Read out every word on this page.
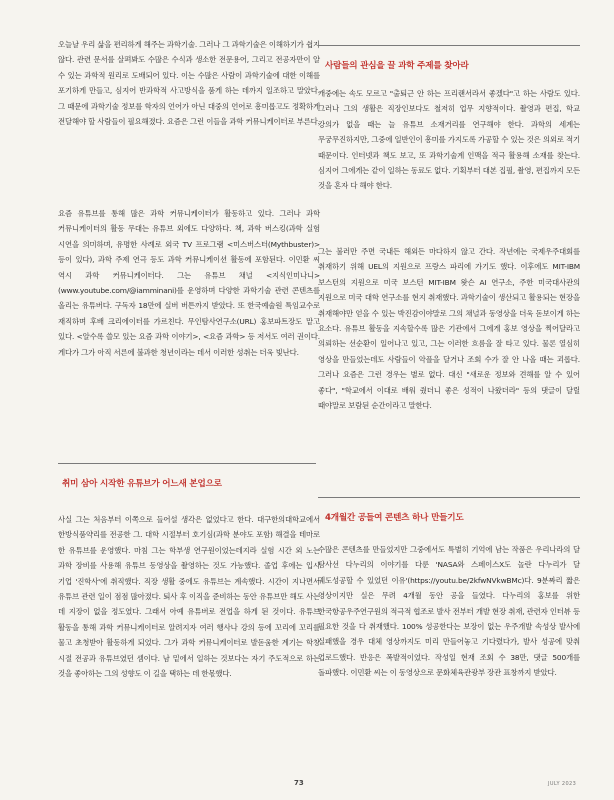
오늘날 우리 삶을 편리하게 해주는 과학기술. 그러나 그 과학기술은 이해하기가 쉽지 않다. 관련 문서를 살펴봐도 수많은 수식과 생소한 전문용어, 그리고 전공자만이 알 수 있는 과학적 원리로 도배되어 있다. 이는 수많은 사람이 과학기술에 대한 이해를 포기하게 만들고, 심지어 반과학적 사고방식을 품게 하는 데까지 일조하고 말았다. 그 때문에 과학기술 정보를 학자의 언어가 아닌 대중의 언어로 흥미롭고도 정확하게 전달해야 할 사람들이 필요해졌다. 요즘은 그런 이들을 과학 커뮤니케이터로 부른다.

요즘 유튜브를 통해 많은 과학 커뮤니케이터가 활동하고 있다. 그러나 과학 커뮤니케이터의 활동 무대는 유튜브 외에도 다양하다. 책, 과학 버스킹(과학 실험 시연을 의미하며, 유명한 사례로 외국 TV 프로그램 <미스버스터(Mythbuster)> 등이 있다), 과학 주제 연극 등도 과학 커뮤니케이션 활동에 포함된다. 이민환 씨 역시 과학 커뮤니케이터다. 그는 유튜브 채널 <지식인미나니>(www.youtube.com/@iamminani)를 운영하며 다양한 과학기술 관련 콘텐츠를 올리는 유튜버다. 구독자 18만에 실버 버튼까지 받았다. 또 한국예술원 특임교수로 재직하며 후배 크리에이터를 가르친다. 무인탐사연구소(URL) 홍보파트장도 맡고 있다. <알수록 쓸모 있는 요즘 과학 이야기>, <요즘 과학> 등 저서도 여러 권이다. 게다가 그가 아직 서른에 불과한 청년이라는 데서 이러한 성취는 더욱 빛난다.

취미 삼아 시작한 유튜브가 어느새 본업으로

사실 그는 처음부터 이쪽으로 들어설 생각은 없었다고 한다. 대구한의대학교에서 한방식품약리를 전공한 그. 대학 시절부터 호기심(과학 분야도 포함) 해결을 테마로 한 유튜브를 운영했다. 마침 그는 학부생 연구원이었는데지라 실험 시간 외 노는 과학 장비를 사용해 유튜브 동영상을 촬영하는 것도 가능했다. 졸업 후에는 입시 기업 '진학사'에 취직했다. 직장 생활 중에도 유튜브는 계속했다. 시간이 지나면서 유튜브 관련 일이 점점 많아졌다. 퇴사 후 이직을 준비하는 동안 유튜브만 해도 사는 데 지장이 없을 정도였다. 그래서 아예 유튜버로 전업을 하게 된 것이다. 유튜브 활동을 통해 과학 커뮤니케이터로 알려지자 여러 행사나 강의 등에 꼬리에 꼬리를 물고 초청받아 활동하게 되었다. 그가 과학 커뮤니케이터로 발돋움한 계기는 학창 시절 전공과 유튜브였던 셈이다. 남 밑에서 일하는 것보다는 자기 주도적으로 하는 것을 좋아하는 그의 성향도 이 길을 택하는 데 한몫했다.

사람들의 관심을 끌 과학 주제를 찾아라

개중에는 속도 모르고 "출퇴근 안 하는 프리랜서라서 좋겠다"고 하는 사람도 있다. 그러나 그의 생활은 직장인보다도 철저히 업무 지향적이다. 촬영과 편집, 학교 강의가 없을 때는 늘 유튜브 소재거리를 연구해야 한다. 과학의 세계는 무궁무진하지만, 그중에 일반인이 흥미를 가지도록 가공할 수 있는 것은 의외로 적기 때문이다. 인터넷과 책도 보고, 또 과학기술계 인맥을 적극 활용해 소재를 찾는다. 심지어 그에게는 같이 일하는 동료도 없다. 기획부터 대본 집필, 촬영, 편집까지 모든 것을 혼자 다 해야 한다.

그는 불러만 주면 국내든 해외든 마다하지 않고 간다. 작년에는 국제우주대회를 취재하기 위해 UEL의 지원으로 프랑스 파리에 가기도 했다. 이후에도 MIT-IBM 보스턴의 지원으로 미국 보스턴 MIT-IBM 왓슨 AI 연구소, 주한 미국대사관의 지원으로 미국 대학 연구소를 현지 취재했다. 과학기술이 생산되고 활용되는 현장을 취재해야만 얻을 수 있는 박진감이야말로 그의 채널과 동영상을 더욱 돋보이게 하는 요소다. 유튜브 활동을 지속할수록 많은 기관에서 그에게 홍보 영상을 찍어달라고 의뢰하는 선순환이 일어나고 있고, 그는 이러한 흐름을 잘 타고 있다. 물론 열심히 영상을 만들었는데도 사람들이 악플을 달거나 조회 수가 잘 안 나올 때는 괴롭다. 그러나 요즘은 그런 경우는 별로 없다. 대신 "새로운 정보와 견해를 알 수 있어 좋다", "학교에서 이대로 배워 줬더니 좋은 성적이 나왔더라" 등의 댓글이 달릴 때야말로 보람된 순간이라고 말한다.

4개월간 공들여 콘텐츠 하나 만들기도

수많은 콘텐츠를 만들었지만 그중에서도 특별히 기억에 남는 작품은 우리나라의 달 탐사선 다누리의 이야기를 다룬 'NASA와 스페이스X도 놀란 다누리가 달 궤도성공할 수 있었던 이유'(https://youtu.be/2kfwNVkwBMc)다. 9분짜리 짧은 영상이지만 실은 무려 4개월 동안 공을 들였다. 다누리의 홍보를 위한 한국항공우주연구원의 적극적 협조로 발사 전부터 개발 현장 취재, 관련자 인터뷰 등 필요한 것을 다 취재했다. 100% 성공한다는 보장이 없는 우주개발 속성상 발사에 실패했을 경우 대체 영상까지도 미리 만들어놓고 기다렸다가, 발사 성공에 맞춰 업로드했다. 반응은 폭발적이었다. 작성일 현재 조회 수 38만, 댓글 500개를 돌파했다. 이민환 씨는 이 동영상으로 문화체육관광부 장관 표창까지 받았다.

73	JULY 2023
